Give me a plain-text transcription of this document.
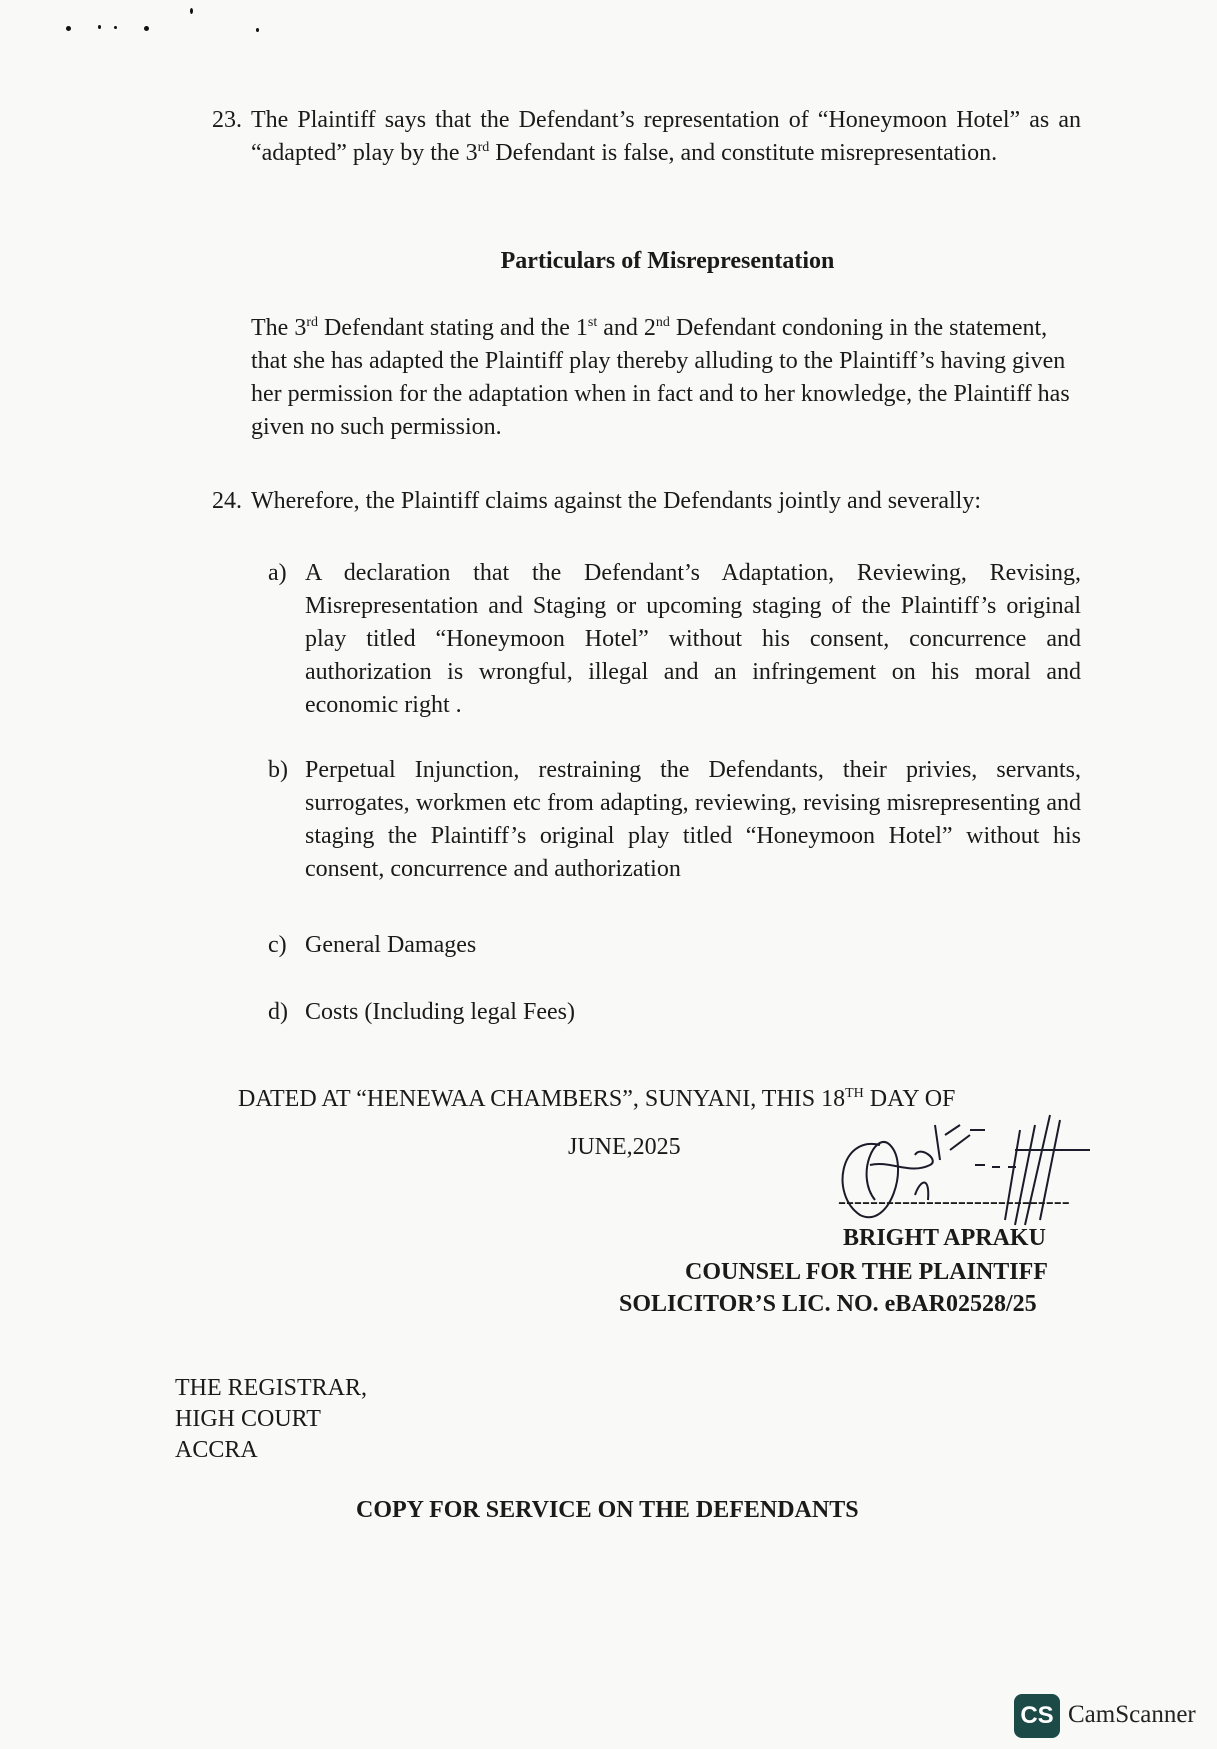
23. The Plaintiff says that the Defendant’s representation of “Honeymoon Hotel” as an “adapted” play by the 3rd Defendant is false, and constitute misrepresentation.
Particulars of Misrepresentation
The 3rd Defendant stating and the 1st and 2nd Defendant condoning in the statement, that she has adapted the Plaintiff play thereby alluding to the Plaintiff’s having given her permission for the adaptation when in fact and to her knowledge, the Plaintiff has given no such permission.
24. Wherefore, the Plaintiff claims against the Defendants jointly and severally:
a) A declaration that the Defendant’s Adaptation, Reviewing, Revising, Misrepresentation and Staging or upcoming staging of the Plaintiff’s original play titled “Honeymoon Hotel” without his consent, concurrence and authorization is wrongful, illegal and an infringement on his moral and economic right .
b) Perpetual Injunction, restraining the Defendants, their privies, servants, surrogates, workmen etc from adapting, reviewing, revising misrepresenting and staging the Plaintiff’s original play titled “Honeymoon Hotel” without his consent, concurrence and authorization
c) General Damages
d) Costs (Including legal Fees)
DATED AT “HENEWAA CHAMBERS”, SUNYANI, THIS 18TH DAY OF
JUNE,2025
-----------------------------
BRIGHT APRAKU
COUNSEL FOR THE PLAINTIFF
SOLICITOR’S LIC. NO. eBAR02528/25
THE REGISTRAR,
HIGH COURT
ACCRA
COPY FOR SERVICE ON THE DEFENDANTS
CS CamScanner
